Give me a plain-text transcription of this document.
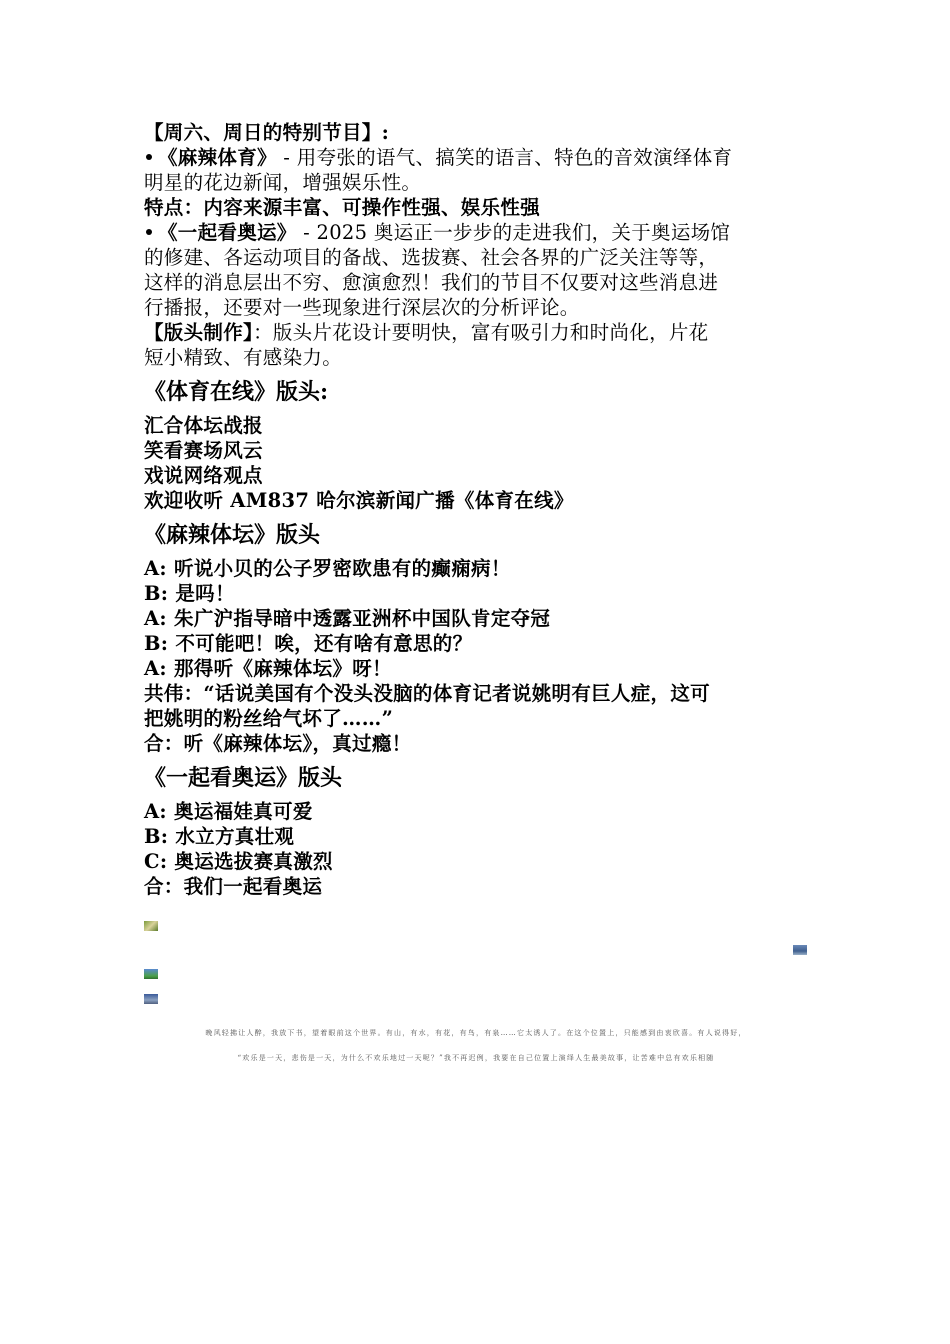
【周六、周日的特别节目】:
《麻辣体育》 - 用夸张的语气、搞笑的语言、特色的音效演绎体育
明星的花边新闻，增强娱乐性。
特点：内容来源丰富、可操作性强、娱乐性强
《一起看奥运》 - 2025 奥运正一步步的走进我们，关于奥运场馆
的修建、各运动项目的备战、选拔赛、社会各界的广泛关注等等，
这样的消息层出不穷、愈演愈烈！我们的节目不仅要对这些消息进
行播报，还要对一些现象进行深层次的分析评论。
【版头制作】：版头片花设计要明快，富有吸引力和时尚化，片花
短小精致、有感染力。
《体育在线》版头:
汇合体坛战报
笑看赛场风云
戏说网络观点
欢迎收听 AM837 哈尔滨新闻广播《体育在线》
《麻辣体坛》版头
A: 听说小贝的公子罗密欧患有的癫痫病！
B: 是吗！
A: 朱广沪指导暗中透露亚洲杯中国队肯定夺冠
B: 不可能吧！唉，还有啥有意思的？
A: 那得听《麻辣体坛》呀！
共伟：“话说美国有个没头没脑的体育记者说姚明有巨人症，这可
把姚明的粉丝给气坏了……”
合：听《麻辣体坛》，真过瘾！
《一起看奥运》版头
A: 奥运福娃真可爱
B: 水立方真壮观
C: 奥运选拔赛真激烈
合：我们一起看奥运
晚风轻拂让人醉，我放下书，望着眼前这个世界。有山，有水，有花，有鸟，有泉……它太诱人了。在这个位置上，只能感到由衷欣喜。有人说得好，
“欢乐是一天，悲伤是一天，为什么不欢乐地过一天呢？”我不再迟例，我要在自己位置上演绎人生最美故事，让苦难中总有欢乐相随
